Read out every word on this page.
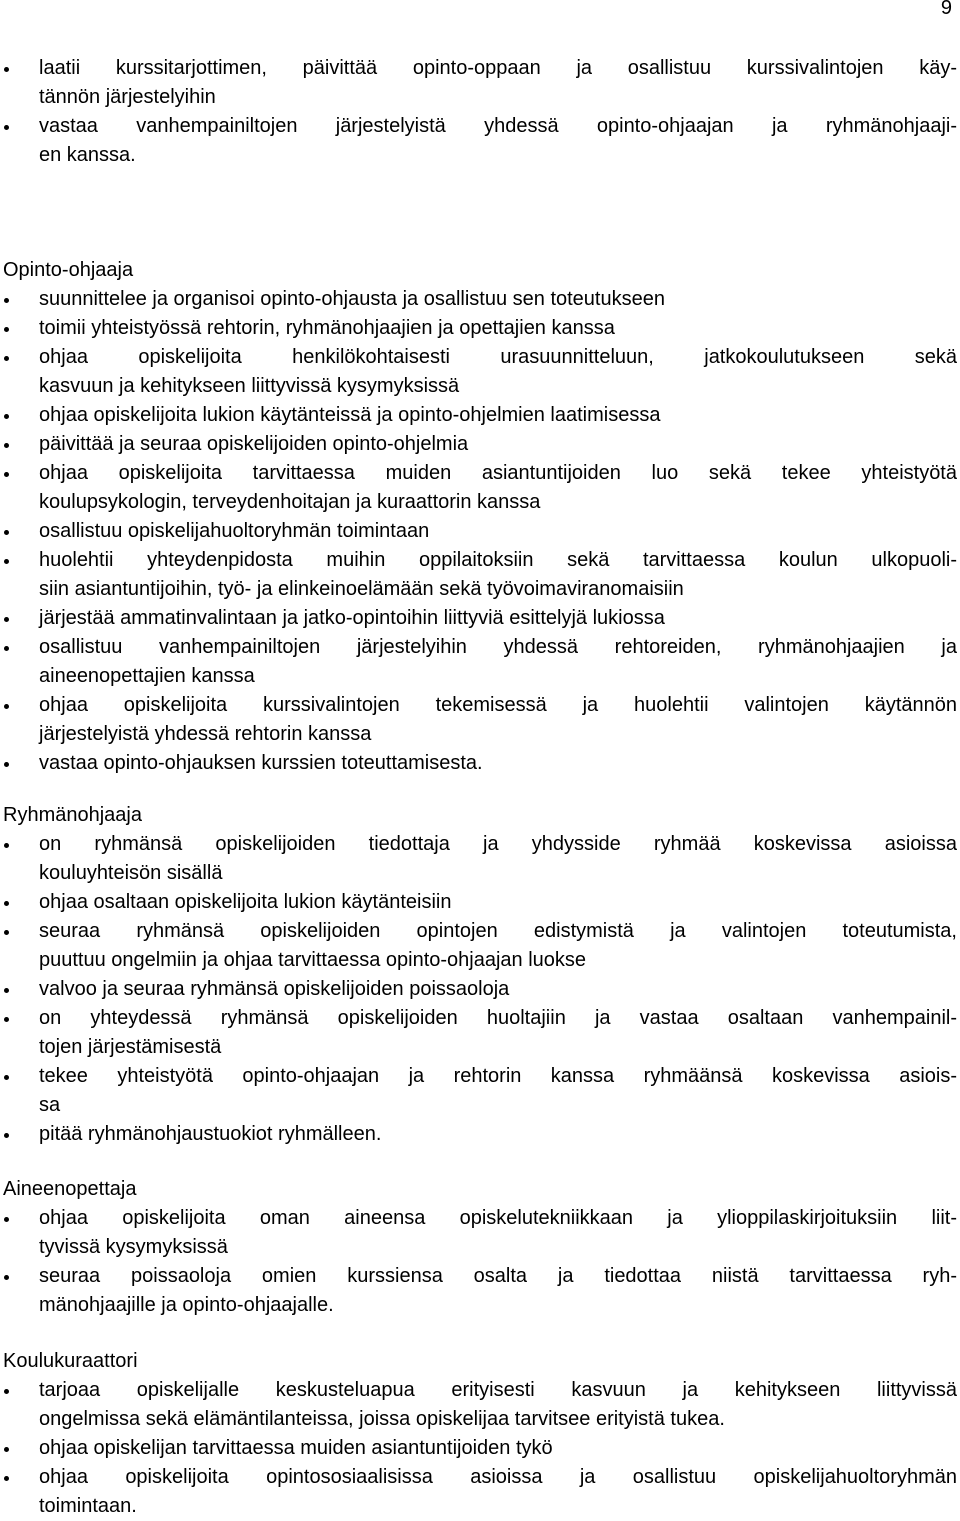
9
laatii kurssitarjottimen, päivittää opinto-oppaan ja osallistuu kurssivalintojen käy-
tännön järjestelyihin
vastaa vanhempainiltojen järjestelyistä yhdessä opinto-ohjaajan ja ryhmänohjaaji-
en kanssa.
Opinto-ohjaaja
suunnittelee ja organisoi opinto-ohjausta ja osallistuu sen toteutukseen
toimii yhteistyössä rehtorin, ryhmänohjaajien ja opettajien kanssa
ohjaa opiskelijoita henkilökohtaisesti urasuunnitteluun, jatkokoulutukseen sekä
kasvuun ja kehitykseen liittyvissä kysymyksissä
ohjaa opiskelijoita lukion käytänteissä ja opinto-ohjelmien laatimisessa
päivittää ja seuraa opiskelijoiden opinto-ohjelmia
ohjaa opiskelijoita tarvittaessa muiden asiantuntijoiden luo sekä tekee yhteistyötä
koulupsykologin, terveydenhoitajan ja kuraattorin kanssa
osallistuu opiskelijahuoltoryhmän toimintaan
huolehtii yhteydenpidosta muihin oppilaitoksiin sekä tarvittaessa koulun ulkopuoli-
siin asiantuntijoihin, työ- ja elinkeinoelämään sekä työvoimaviranomaisiin
järjestää ammatinvalintaan ja jatko-opintoihin liittyviä esittelyjä lukiossa
osallistuu vanhempainiltojen järjestelyihin yhdessä rehtoreiden, ryhmänohjaajien ja
aineenopettajien kanssa
ohjaa opiskelijoita kurssivalintojen tekemisessä ja huolehtii valintojen käytännön
järjestelyistä yhdessä rehtorin kanssa
vastaa opinto-ohjauksen kurssien toteuttamisesta.
Ryhmänohjaaja
on ryhmänsä opiskelijoiden tiedottaja ja yhdysside ryhmää koskevissa asioissa
kouluyhteisön sisällä
ohjaa osaltaan opiskelijoita lukion käytänteisiin
seuraa ryhmänsä opiskelijoiden opintojen edistymistä ja valintojen toteutumista,
puuttuu ongelmiin ja ohjaa tarvittaessa opinto-ohjaajan luokse
valvoo ja seuraa ryhmänsä opiskelijoiden poissaoloja
on yhteydessä ryhmänsä opiskelijoiden huoltajiin ja vastaa osaltaan vanhempainil-
tojen järjestämisestä
tekee yhteistyötä opinto-ohjaajan ja rehtorin kanssa ryhmäänsä koskevissa asiois-
sa
pitää ryhmänohjaustuokiot ryhmälleen.
Aineenopettaja
ohjaa opiskelijoita oman aineensa opiskelutekniikkaan ja ylioppilaskirjoituksiin liit-
tyvissä kysymyksissä
seuraa poissaoloja omien kurssiensa osalta ja tiedottaa niistä tarvittaessa ryh-
mänohjaajille ja opinto-ohjaajalle.
Koulukuraattori
tarjoaa opiskelijalle keskusteluapua erityisesti kasvuun ja kehitykseen liittyvissä
ongelmissa sekä elämäntilanteissa, joissa opiskelijaa tarvitsee erityistä tukea.
ohjaa opiskelijan tarvittaessa muiden asiantuntijoiden tykö
ohjaa opiskelijoita opintososiaalisissa asioissa ja osallistuu opiskelijahuoltoryhmän
toimintaan.
